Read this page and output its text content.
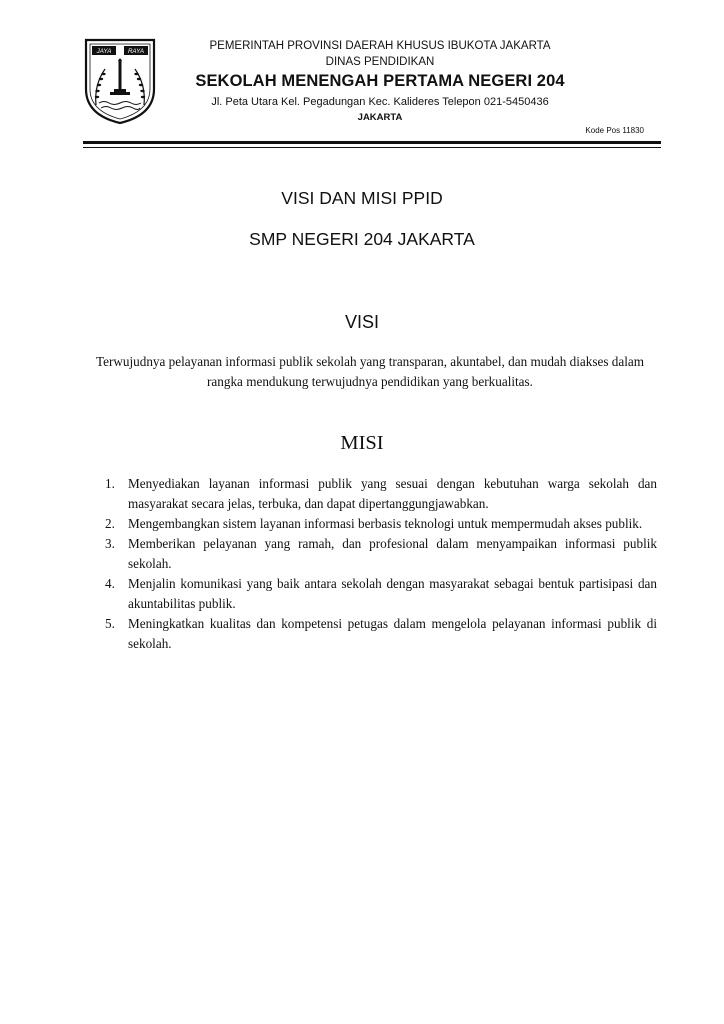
JAYA	RAYA	PEMERINTAH PROVINSI DAERAH KHUSUS IBUKOTA JAKARTA
DINAS PENDIDIKAN
SEKOLAH MENENGAH PERTAMA NEGERI 204
Jl. Peta Utara Kel. Pegadungan Kec. Kalideres Telepon 021-5450436
JAKARTA
Kode Pos 11830
VISI DAN MISI PPID
SMP NEGERI 204 JAKARTA
VISI
Terwujudnya pelayanan informasi publik sekolah yang transparan, akuntabel, dan mudah diakses dalam rangka mendukung terwujudnya pendidikan yang berkualitas.
MISI
1. Menyediakan layanan informasi publik yang sesuai dengan kebutuhan warga sekolah dan masyarakat secara jelas, terbuka, dan dapat dipertanggungjawabkan.
2. Mengembangkan sistem layanan informasi berbasis teknologi untuk mempermudah akses publik.
3. Memberikan pelayanan yang ramah, dan profesional dalam menyampaikan informasi publik sekolah.
4. Menjalin komunikasi yang baik antara sekolah dengan masyarakat sebagai bentuk partisipasi dan akuntabilitas publik.
5. Meningkatkan kualitas dan kompetensi petugas dalam mengelola pelayanan informasi publik di sekolah.
